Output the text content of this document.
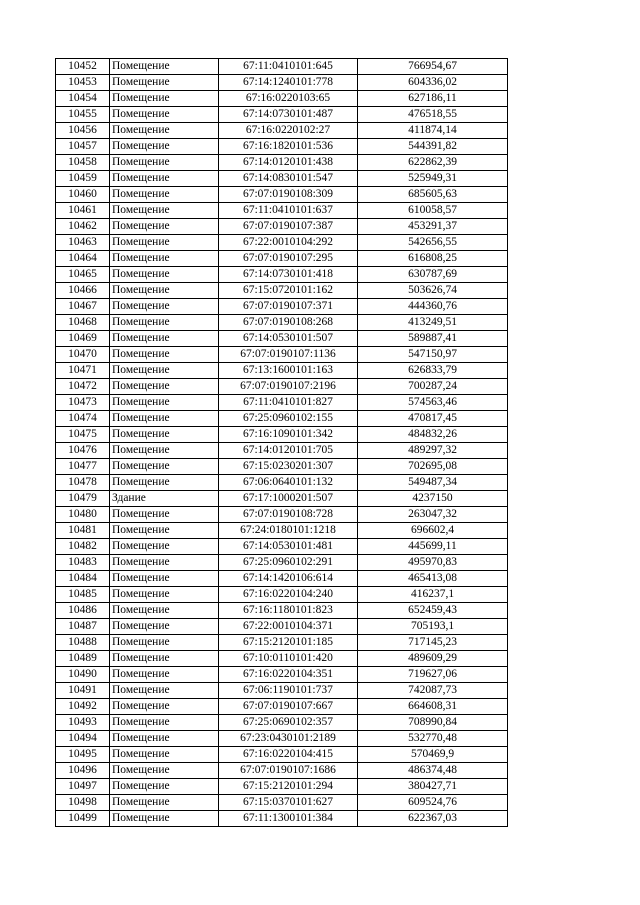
10452	Помещение	67:11:0410101:645	766954,67
10453	Помещение	67:14:1240101:778	604336,02
10454	Помещение	67:16:0220103:65	627186,11
10455	Помещение	67:14:0730101:487	476518,55
10456	Помещение	67:16:0220102:27	411874,14
10457	Помещение	67:16:1820101:536	544391,82
10458	Помещение	67:14:0120101:438	622862,39
10459	Помещение	67:14:0830101:547	525949,31
10460	Помещение	67:07:0190108:309	685605,63
10461	Помещение	67:11:0410101:637	610058,57
10462	Помещение	67:07:0190107:387	453291,37
10463	Помещение	67:22:0010104:292	542656,55
10464	Помещение	67:07:0190107:295	616808,25
10465	Помещение	67:14:0730101:418	630787,69
10466	Помещение	67:15:0720101:162	503626,74
10467	Помещение	67:07:0190107:371	444360,76
10468	Помещение	67:07:0190108:268	413249,51
10469	Помещение	67:14:0530101:507	589887,41
10470	Помещение	67:07:0190107:1136	547150,97
10471	Помещение	67:13:1600101:163	626833,79
10472	Помещение	67:07:0190107:2196	700287,24
10473	Помещение	67:11:0410101:827	574563,46
10474	Помещение	67:25:0960102:155	470817,45
10475	Помещение	67:16:1090101:342	484832,26
10476	Помещение	67:14:0120101:705	489297,32
10477	Помещение	67:15:0230201:307	702695,08
10478	Помещение	67:06:0640101:132	549487,34
10479	Здание	67:17:1000201:507	4237150
10480	Помещение	67:07:0190108:728	263047,32
10481	Помещение	67:24:0180101:1218	696602,4
10482	Помещение	67:14:0530101:481	445699,11
10483	Помещение	67:25:0960102:291	495970,83
10484	Помещение	67:14:1420106:614	465413,08
10485	Помещение	67:16:0220104:240	416237,1
10486	Помещение	67:16:1180101:823	652459,43
10487	Помещение	67:22:0010104:371	705193,1
10488	Помещение	67:15:2120101:185	717145,23
10489	Помещение	67:10:0110101:420	489609,29
10490	Помещение	67:16:0220104:351	719627,06
10491	Помещение	67:06:1190101:737	742087,73
10492	Помещение	67:07:0190107:667	664608,31
10493	Помещение	67:25:0690102:357	708990,84
10494	Помещение	67:23:0430101:2189	532770,48
10495	Помещение	67:16:0220104:415	570469,9
10496	Помещение	67:07:0190107:1686	486374,48
10497	Помещение	67:15:2120101:294	380427,71
10498	Помещение	67:15:0370101:627	609524,76
10499	Помещение	67:11:1300101:384	622367,03
